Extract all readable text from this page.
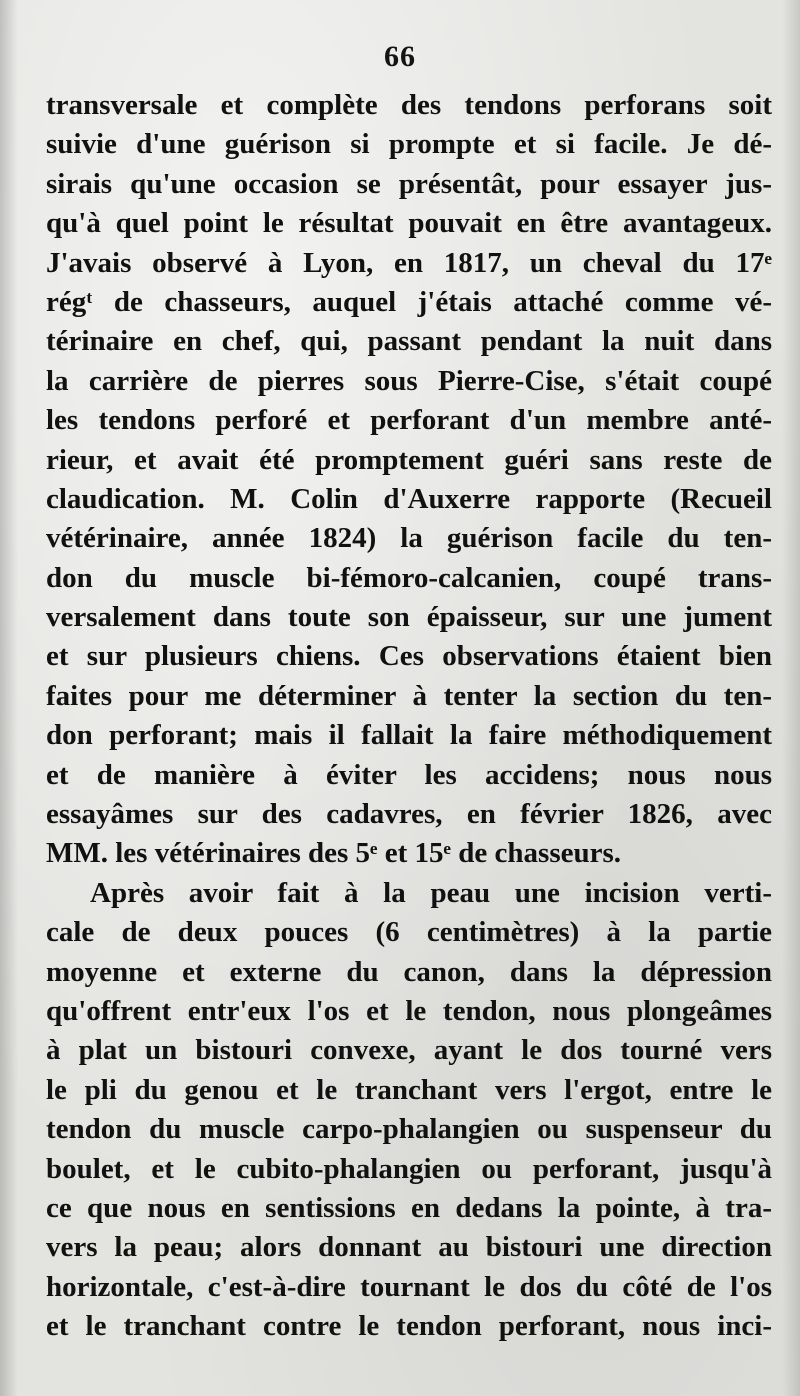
66
transversale et complète des tendons perforans soit
suivie d'une guérison si prompte et si facile. Je dé-
sirais qu'une occasion se présentât, pour essayer jus-
qu'à quel point le résultat pouvait en être avantageux.
J'avais observé à Lyon, en 1817, un cheval du 17ᵉ
régᵗ de chasseurs, auquel j'étais attaché comme vé-
térinaire en chef, qui, passant pendant la nuit dans
la carrière de pierres sous Pierre-Cise, s'était coupé
les tendons perforé et perforant d'un membre anté-
rieur, et avait été promptement guéri sans reste de
claudication. M. Colin d'Auxerre rapporte (Recueil
vétérinaire, année 1824) la guérison facile du ten-
don du muscle bi-fémoro-calcanien, coupé trans-
versalement dans toute son épaisseur, sur une jument
et sur plusieurs chiens. Ces observations étaient bien
faites pour me déterminer à tenter la section du ten-
don perforant; mais il fallait la faire méthodiquement
et de manière à éviter les accidens; nous nous
essayâmes sur des cadavres, en février 1826, avec
MM. les vétérinaires des 5ᵉ et 15ᵉ de chasseurs.
Après avoir fait à la peau une incision verti-
cale de deux pouces (6 centimètres) à la partie
moyenne et externe du canon, dans la dépression
qu'offrent entr'eux l'os et le tendon, nous plongeâmes
à plat un bistouri convexe, ayant le dos tourné vers
le pli du genou et le tranchant vers l'ergot, entre le
tendon du muscle carpo-phalangien ou suspenseur du
boulet, et le cubito-phalangien ou perforant, jusqu'à
ce que nous en sentissions en dedans la pointe, à tra-
vers la peau; alors donnant au bistouri une direction
horizontale, c'est-à-dire tournant le dos du côté de l'os
et le tranchant contre le tendon perforant, nous inci-
